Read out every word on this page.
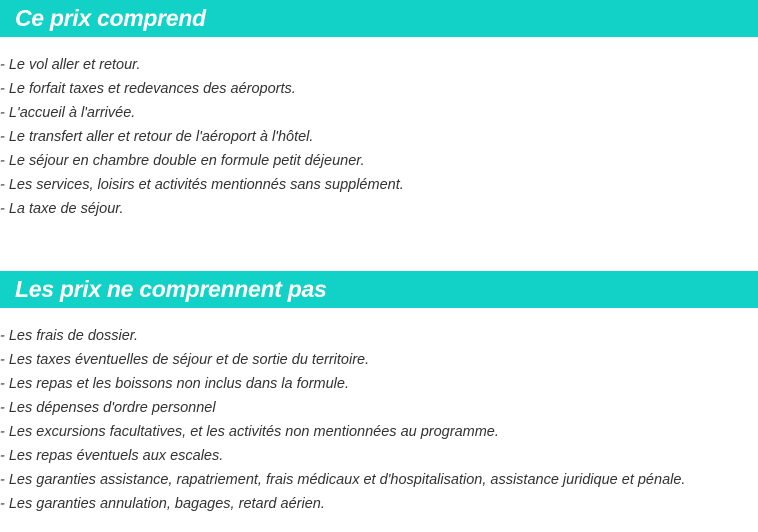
Ce prix comprend
- Le vol aller et retour.
- Le forfait taxes et redevances des aéroports.
- L'accueil à l'arrivée.
- Le transfert aller et retour de l'aéroport à l'hôtel.
- Le séjour en chambre double en formule petit déjeuner.
- Les services, loisirs et activités mentionnés sans supplément.
- La taxe de séjour.
Les prix ne comprennent pas
- Les frais de dossier.
- Les taxes éventuelles de séjour et de sortie du territoire.
- Les repas et les boissons non inclus dans la formule.
- Les dépenses d'ordre personnel
- Les excursions facultatives, et les activités non mentionnées au programme.
- Les repas éventuels aux escales.
- Les garanties assistance, rapatriement, frais médicaux et d'hospitalisation, assistance juridique et pénale.
- Les garanties annulation, bagages, retard aérien.
